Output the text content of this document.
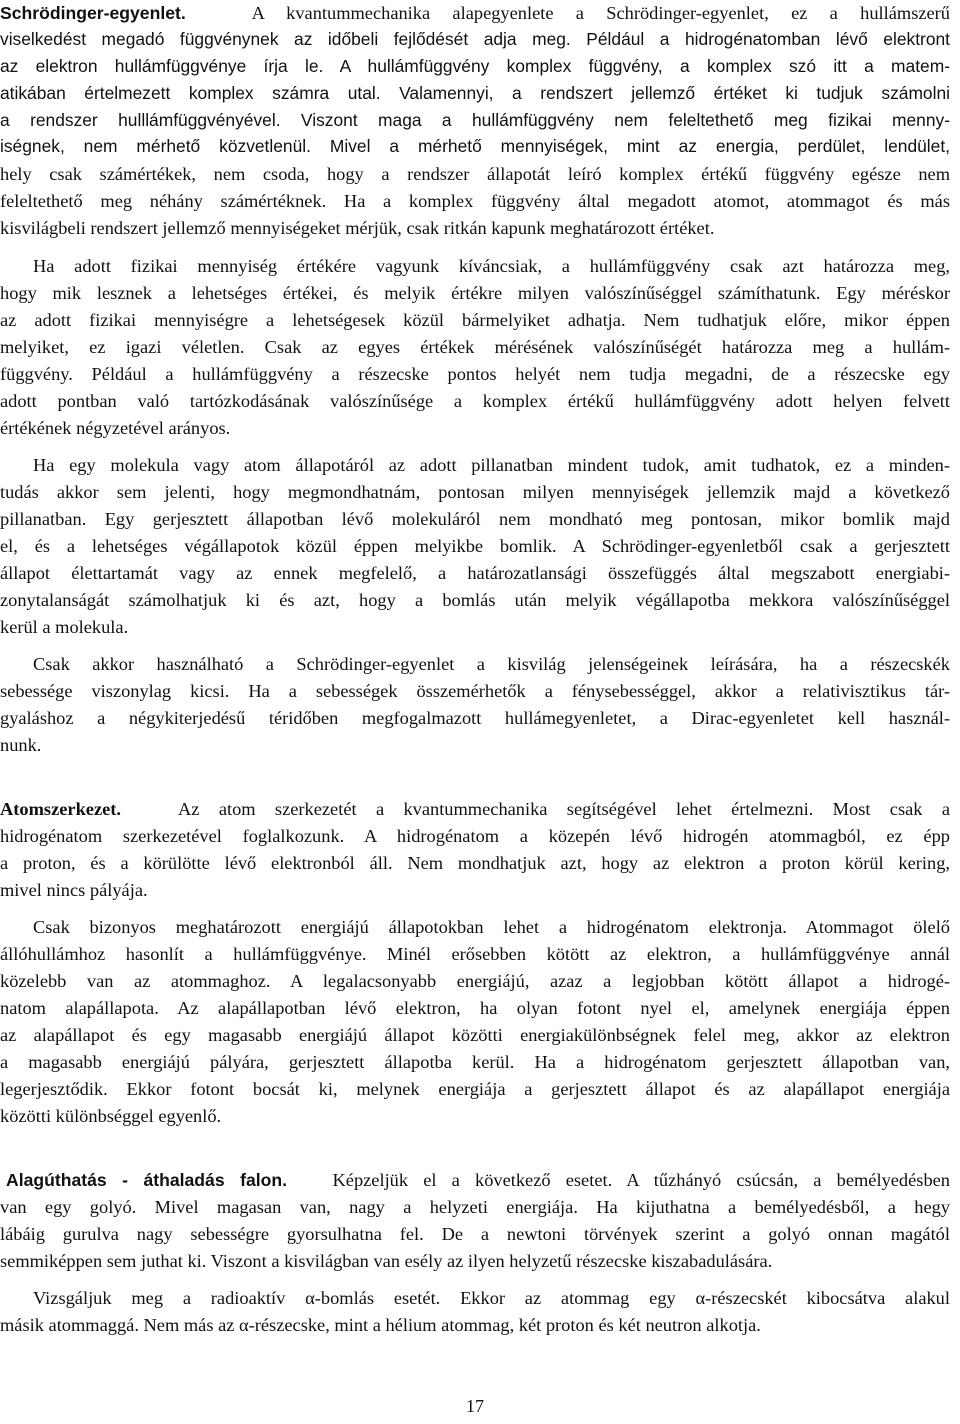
Schrödinger-egyenlet.	A kvantummechanika alapegyenlete a Schrödinger-egyenlet, ez a hullámszerű
viselkedést megadó függvénynek az időbeli fejlődését adja meg. Például a hidrogénatomban lévő elektront
az elektron hullámfüggvénye írja le. A hullámfüggvény komplex függvény, a komplex szó itt a matem-
atikában értelmezett komplex számra utal. Valamennyi, a rendszert jellemző értéket ki tudjuk számolni
a rendszer hulllámfüggvényével. Viszont maga a hullámfüggvény nem feleltethető meg fizikai menny-
iségnek, nem mérhető közvetlenül. Mivel a mérhető mennyiségek, mint az energia, perdület, lendület,
hely csak számértékek, nem csoda, hogy a rendszer állapotát leíró komplex értékű függvény egésze nem
feleltethető meg néhány számértéknek. Ha a komplex függvény által megadott atomot, atommagot és más
kisvilágbeli rendszert jellemző mennyiségeket mérjük, csak ritkán kapunk meghatározott értéket.
Ha adott fizikai mennyiség értékére vagyunk kíváncsiak, a hullámfüggvény csak azt határozza meg,
hogy mik lesznek a lehetséges értékei, és melyik értékre milyen valószínűséggel számíthatunk. Egy méréskor
az adott fizikai mennyiségre a lehetségesek közül bármelyiket adhatja. Nem tudhatjuk előre, mikor éppen
melyiket, ez igazi véletlen. Csak az egyes értékek mérésének valószínűségét határozza meg a hullám-
függvény. Például a hullámfüggvény a részecske pontos helyét nem tudja megadni, de a részecske egy
adott pontban való tartózkodásának valószínűsége a komplex értékű hullámfüggvény adott helyen felvett
értékének négyzetével arányos.
Ha egy molekula vagy atom állapotáról az adott pillanatban mindent tudok, amit tudhatok, ez a minden-
tudás akkor sem jelenti, hogy megmondhatnám, pontosan milyen mennyiségek jellemzik majd a következő
pillanatban. Egy gerjesztett állapotban lévő molekuláról nem mondható meg pontosan, mikor bomlik majd
el, és a lehetséges végállapotok közül éppen melyikbe bomlik. A Schrödinger-egyenletből csak a gerjesztett
állapot élettartamát vagy az ennek megfelelő, a határozatlansági összefüggés által megszabott energiabi-
zonytalanságát számolhatjuk ki és azt, hogy a bomlás után melyik végállapotba mekkora valószínűséggel
kerül a molekula.
Csak akkor használható a Schrödinger-egyenlet a kisvilág jelenségeinek leírására, ha a részecskék
sebessége viszonylag kicsi. Ha a sebességek összemérhetők a fénysebességgel, akkor a relativisztikus tár-
gyaláshoz a négykiterjedésű téridőben megfogalmazott hullámegyenletet, a Dirac-egyenletet kell használ-
nunk.
Atomszerkezet.	Az atom szerkezetét a kvantummechanika segítségével lehet értelmezni. Most csak a
hidrogénatom szerkezetével foglalkozunk. A hidrogénatom a közepén lévő hidrogén atommagból, ez épp
a proton, és a körülötte lévő elektronból áll. Nem mondhatjuk azt, hogy az elektron a proton körül kering,
mivel nincs pályája.
Csak bizonyos meghatározott energiájú állapotokban lehet a hidrogénatom elektronja. Atommagot ölelő
állóhullámhoz hasonlít a hullámfüggvénye. Minél erősebben kötött az elektron, a hullámfüggvénye annál
közelebb van az atommaghoz. A legalacsonyabb energiájú, azaz a legjobban kötött állapot a hidrogé-
natom alapállapota. Az alapállapotban lévő elektron, ha olyan fotont nyel el, amelynek energiája éppen
az alapállapot és egy magasabb energiájú állapot közötti energiakülönbségnek felel meg, akkor az elektron
a magasabb energiájú pályára, gerjesztett állapotba kerül. Ha a hidrogénatom gerjesztett állapotban van,
legerjesztődik. Ekkor fotont bocsát ki, melynek energiája a gerjesztett állapot és az alapállapot energiája
közötti különbséggel egyenlő.
Alagúthatás - áthaladás falon. Képzeljük el a következő esetet. A tűzhányó csúcsán, a bemélyedésben
van egy golyó. Mivel magasan van, nagy a helyzeti energiája. Ha kijuthatna a bemélyedésből, a hegy
lábáig gurulva nagy sebességre gyorsulhatna fel. De a newtoni törvények szerint a golyó onnan magától
semmiképpen sem juthat ki. Viszont a kisvilágban van esély az ilyen helyzetű részecske kiszabadulására.
Vizsgáljuk meg a radioaktív α-bomlás esetét. Ekkor az atommag egy α-részecskét kibocsátva alakul
másik atommaggá. Nem más az α-részecske, mint a hélium atommag, két proton és két neutron alkotja.
17
